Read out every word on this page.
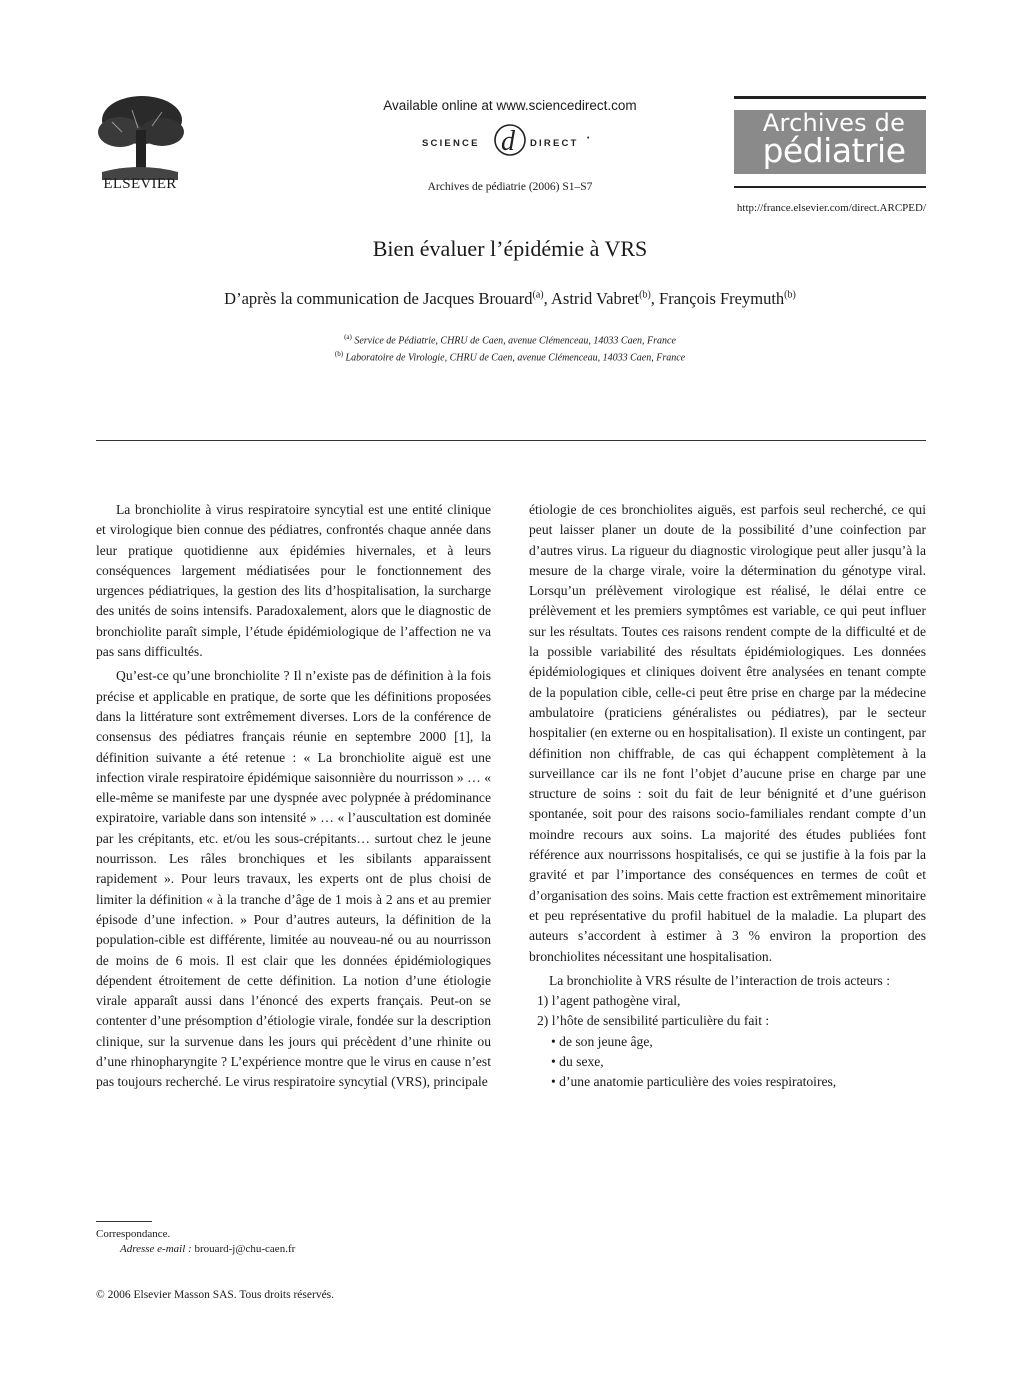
ELSEVIER
Available online at www.sciencedirect.com
SCIENCE d DIRECT •
Archives de pédiatrie (2006) S1–S7
Archives de
pédiatrie
http://france.elsevier.com/direct.ARCPED/
Bien évaluer l’épidémie à VRS
D’après la communication de Jacques Brouard$^{(a)}$, Astrid Vabret$^{(b)}$, François Freymuth$^{(b)}$
$^{(a)}$ Service de Pédiatrie, CHRU de Caen, avenue Clémenceau, 14033 Caen, France
$^{(b)}$ Laboratoire de Virologie, CHRU de Caen, avenue Clémenceau, 14033 Caen, France

La bronchiolite à virus respiratoire syncytial est une entité clinique et virologique bien connue des pédiatres, confrontés chaque année dans leur pratique quotidienne aux épidémies hivernales, et à leurs conséquences largement médiatisées pour le fonctionnement des urgences pédiatriques, la gestion des lits d’hospitalisation, la surcharge des unités de soins intensifs. Paradoxalement, alors que le diagnostic de bronchiolite paraît simple, l’étude épidémiologique de l’affection ne va pas sans difficultés.

Qu’est-ce qu’une bronchiolite ? Il n’existe pas de définition à la fois précise et applicable en pratique, de sorte que les définitions proposées dans la littérature sont extrêmement diverses. Lors de la conférence de consensus des pédiatres français réunie en septembre 2000 [1], la définition suivante a été retenue : « La bronchiolite aiguë est une infection virale respiratoire épidémique saisonnière du nourrisson » … « elle-même se manifeste par une dyspnée avec polypnée à prédominance expiratoire, variable dans son intensité » … « l’auscultation est dominée par les crépitants, etc. et/ou les sous-crépitants… surtout chez le jeune nourrisson. Les râles bronchiques et les sibilants apparaissent rapidement ». Pour leurs travaux, les experts ont de plus choisi de limiter la définition « à la tranche d’âge de 1 mois à 2 ans et au premier épisode d’une infection. » Pour d’autres auteurs, la définition de la population-cible est différente, limitée au nouveau-né ou au nourrisson de moins de 6 mois. Il est clair que les données épidémiologiques dépendent étroitement de cette définition. La notion d’une étiologie virale apparaît aussi dans l’énoncé des experts français. Peut-on se contenter d’une présomption d’étiologie virale, fondée sur la description clinique, sur la survenue dans les jours qui précèdent d’une rhinite ou d’une rhinopharyngite ? L’expérience montre que le virus en cause n’est pas toujours recherché. Le virus respiratoire syncytial (VRS), principale

étiologie de ces bronchiolites aiguës, est parfois seul recherché, ce qui peut laisser planer un doute de la possibilité d’une coinfection par d’autres virus. La rigueur du diagnostic virologique peut aller jusqu’à la mesure de la charge virale, voire la détermination du génotype viral. Lorsqu’un prélèvement virologique est réalisé, le délai entre ce prélèvement et les premiers symptômes est variable, ce qui peut influer sur les résultats. Toutes ces raisons rendent compte de la difficulté et de la possible variabilité des résultats épidémiologiques. Les données épidémiologiques et cliniques doivent être analysées en tenant compte de la population cible, celle-ci peut être prise en charge par la médecine ambulatoire (praticiens généralistes ou pédiatres), par le secteur hospitalier (en externe ou en hospitalisation). Il existe un contingent, par définition non chiffrable, de cas qui échappent complètement à la surveillance car ils ne font l’objet d’aucune prise en charge par une structure de soins : soit du fait de leur bénignité et d’une guérison spontanée, soit pour des raisons socio-familiales rendant compte d’un moindre recours aux soins. La majorité des études publiées font référence aux nourrissons hospitalisés, ce qui se justifie à la fois par la gravité et par l’importance des conséquences en termes de coût et d’organisation des soins. Mais cette fraction est extrêmement minoritaire et peu représentative du profil habituel de la maladie. La plupart des auteurs s’accordent à estimer à 3 % environ la proportion des bronchiolites nécessitant une hospitalisation.

La bronchiolite à VRS résulte de l’interaction de trois acteurs :

1) l’agent pathogène viral,
2) l’hôte de sensibilité particulière du fait :
• de son jeune âge,
• du sexe,
• d’une anatomie particulière des voies respiratoires,
Correspondance.
Adresse e-mail : brouard-j@chu-caen.fr
© 2006 Elsevier Masson SAS. Tous droits réservés.
